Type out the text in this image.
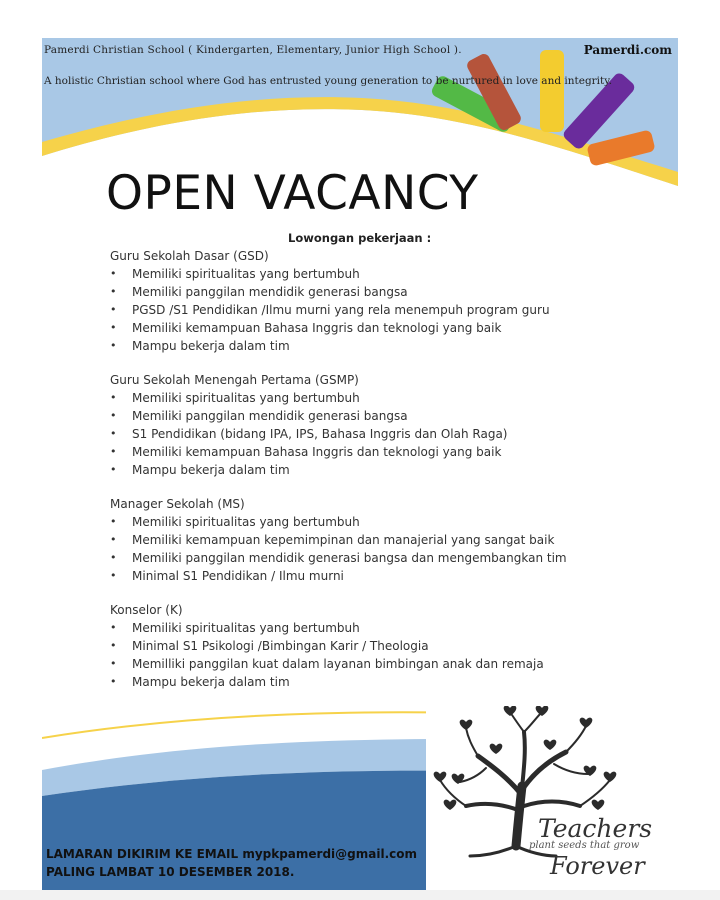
Pamerdi Christian School ( Kindergarten, Elementary, Junior High School ).	Pamerdi.com
A holistic Christian school where God has entrusted young generation to be nurtured in love and integrity.
OPEN VACANCY
Lowongan pekerjaan :
Guru Sekolah Dasar (GSD)
• Memiliki spiritualitas yang bertumbuh
• Memiliki panggilan mendidik generasi bangsa
• PGSD /S1 Pendidikan /Ilmu murni yang rela menempuh program guru
• Memiliki kemampuan Bahasa Inggris dan teknologi yang baik
• Mampu bekerja dalam tim
Guru Sekolah Menengah Pertama (GSMP)
• Memiliki spiritualitas yang bertumbuh
• Memiliki panggilan mendidik generasi bangsa
• S1 Pendidikan (bidang IPA, IPS, Bahasa Inggris dan Olah Raga)
• Memiliki kemampuan Bahasa Inggris dan teknologi yang baik
• Mampu bekerja dalam tim
Manager Sekolah (MS)
• Memiliki spiritualitas yang bertumbuh
• Memiliki kemampuan kepemimpinan dan manajerial yang sangat baik
• Memiliki panggilan mendidik generasi bangsa dan mengembangkan tim
• Minimal S1 Pendidikan / Ilmu murni
Konselor (K)
• Memiliki spiritualitas yang bertumbuh
• Minimal S1 Psikologi /Bimbingan Karir / Theologia
• Memilliki panggilan kuat dalam layanan bimbingan anak dan remaja
• Mampu bekerja dalam tim
LAMARAN DIKIRIM KE EMAIL mypkpamerdi@gmail.com
PALING LAMBAT 10 DESEMBER 2018.
Teachers
plant seeds that grow
Forever
